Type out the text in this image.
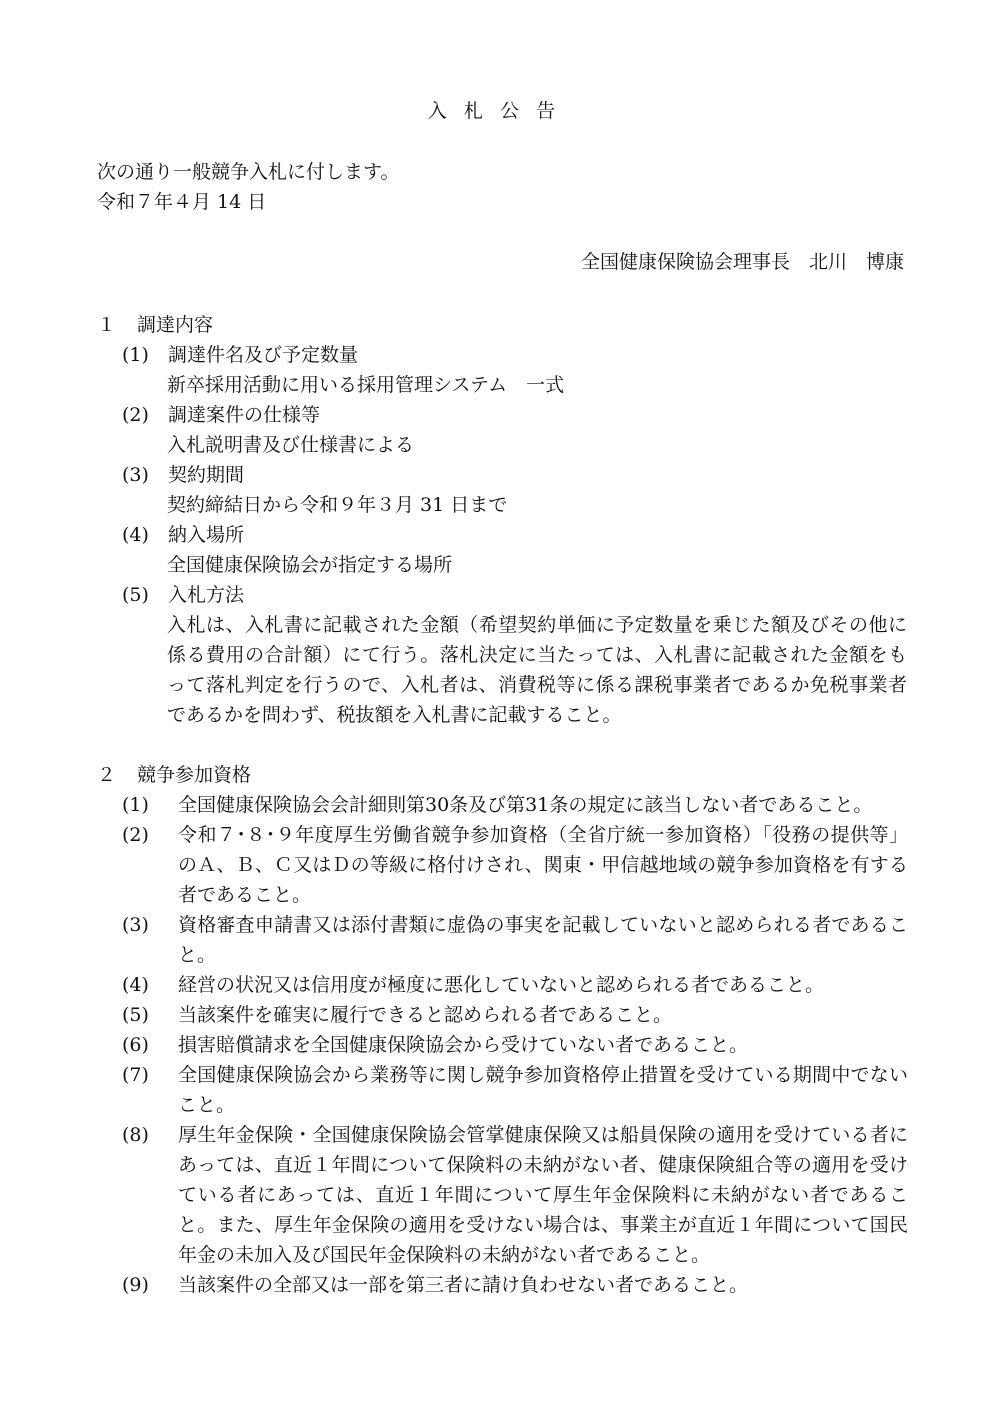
入札公告
次の通り一般競争入札に付します。
令和７年４月 14 日
全国健康保険協会理事長　北川　博康
１ 調達内容
(1) 調達件名及び予定数量
新卒採用活動に用いる採用管理システム　一式
(2) 調達案件の仕様等
入札説明書及び仕様書による
(3) 契約期間
契約締結日から令和９年３月 31 日まで
(4) 納入場所
全国健康保険協会が指定する場所
(5) 入札方法
入札は、入札書に記載された金額（希望契約単価に予定数量を乗じた額及びその他に係る費用の合計額）にて行う。落札決定に当たっては、入札書に記載された金額をもって落札判定を行うので、入札者は、消費税等に係る課税事業者であるか免税事業者であるかを問わず、税抜額を入札書に記載すること。
２ 競争参加資格
(1) 全国健康保険協会会計細則第30条及び第31条の規定に該当しない者であること。
(2) 令和７･８･９年度厚生労働省競争参加資格（全省庁統一参加資格）「役務の提供等」のＡ、Ｂ、Ｃ又はＤの等級に格付けされ、関東・甲信越地域の競争参加資格を有する者であること。
(3) 資格審査申請書又は添付書類に虚偽の事実を記載していないと認められる者であること。
(4) 経営の状況又は信用度が極度に悪化していないと認められる者であること。
(5) 当該案件を確実に履行できると認められる者であること。
(6) 損害賠償請求を全国健康保険協会から受けていない者であること。
(7) 全国健康保険協会から業務等に関し競争参加資格停止措置を受けている期間中でないこと。
(8) 厚生年金保険・全国健康保険協会管掌健康保険又は船員保険の適用を受けている者にあっては、直近１年間について保険料の未納がない者、健康保険組合等の適用を受けている者にあっては、直近１年間について厚生年金保険料に未納がない者であること。また、厚生年金保険の適用を受けない場合は、事業主が直近１年間について国民年金の未加入及び国民年金保険料の未納がない者であること。
(9) 当該案件の全部又は一部を第三者に請け負わせない者であること。
